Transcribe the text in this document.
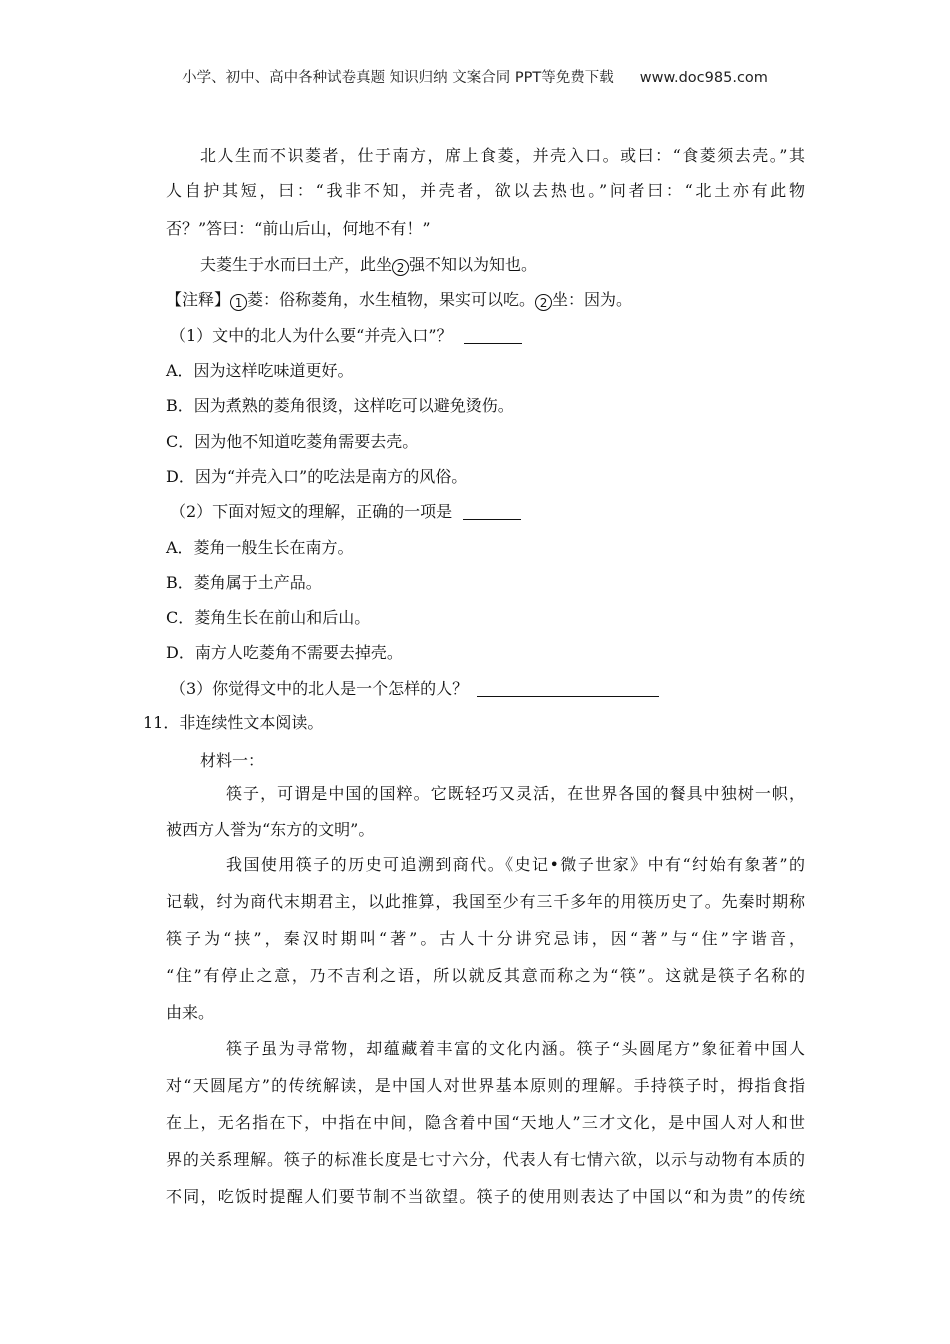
小学、初中、高中各种试卷真题 知识归纳 文案合同 PPT等免费下载 www.doc985.com
北人生而不识菱者，仕于南方，席上食菱，并壳入口。或曰：“食菱须去壳。”其
人自护其短，曰：“我非不知，并壳者，欲以去热也。”问者曰：“北土亦有此物
否？”答曰：“前山后山，何地不有！”
夫菱生于水而曰土产，此坐 2 强不知以为知也。
【注释】 1 菱：俗称菱角，水生植物，果实可以吃。 2 坐：因为。
（1）文中的北人为什么要“并壳入口”？
A．因为这样吃味道更好。
B．因为煮熟的菱角很烫，这样吃可以避免烫伤。
C．因为他不知道吃菱角需要去壳。
D．因为“并壳入口”的吃法是南方的风俗。
（2）下面对短文的理解，正确的一项是
A．菱角一般生长在南方。
B．菱角属于土产品。
C．菱角生长在前山和后山。
D．南方人吃菱角不需要去掉壳。
（3）你觉得文中的北人是一个怎样的人？
11．非连续性文本阅读。
材料一：
筷子，可谓是中国的国粹。它既轻巧又灵活，在世界各国的餐具中独树一帜，
被西方人誉为“东方的文明”。
我国使用筷子的历史可追溯到商代。《史记•微子世家》中有“纣始有象著”的
记载，纣为商代末期君主，以此推算，我国至少有三千多年的用筷历史了。先秦时期称
筷子为“挟”，秦汉时期叫“著”。古人十分讲究忌讳，因“著”与“住”字谐音，
“住”有停止之意，乃不吉利之语，所以就反其意而称之为“筷”。这就是筷子名称的
由来。
筷子虽为寻常物，却蕴藏着丰富的文化内涵。筷子“头圆尾方”象征着中国人
对“天圆尾方”的传统解读，是中国人对世界基本原则的理解。手持筷子时，拇指食指
在上，无名指在下，中指在中间，隐含着中国“天地人”三才文化，是中国人对人和世
界的关系理解。筷子的标准长度是七寸六分，代表人有七情六欲，以示与动物有本质的
不同，吃饭时提醒人们要节制不当欲望。筷子的使用则表达了中国以“和为贵”的传统
